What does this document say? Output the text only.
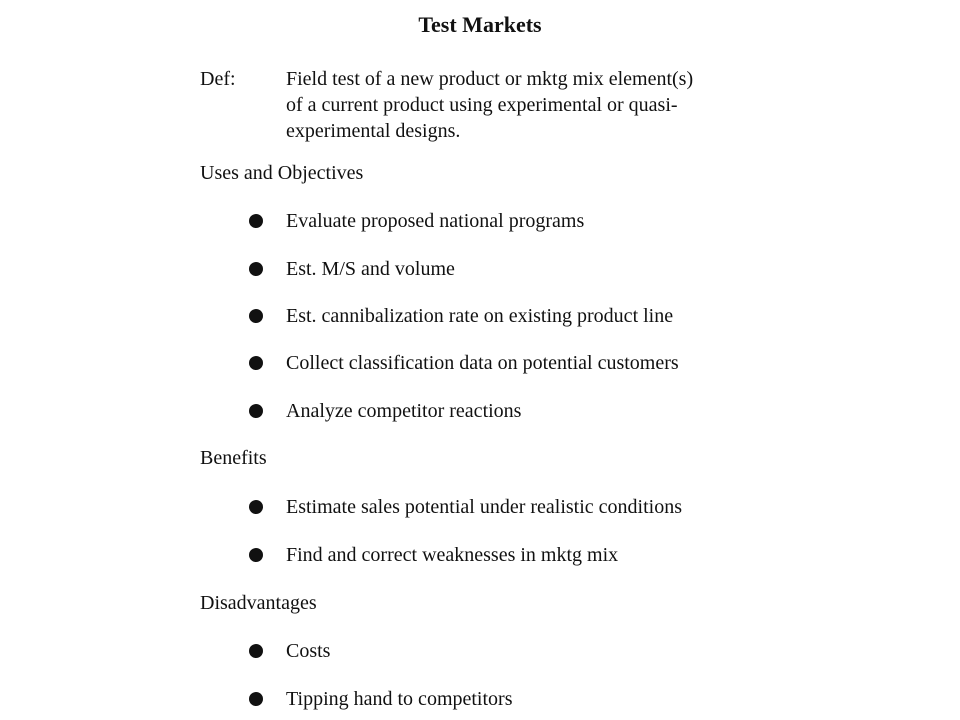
Test Markets
Def:	Field test of a new product or mktg mix element(s)
of a current product using experimental or quasi-
experimental designs.
Uses and Objectives
Evaluate proposed national programs
Est. M/S and volume
Est. cannibalization rate on existing product line
Collect classification data on potential customers
Analyze competitor reactions
Benefits
Estimate sales potential under realistic conditions
Find and correct weaknesses in mktg mix
Disadvantages
Costs
Tipping hand to competitors
